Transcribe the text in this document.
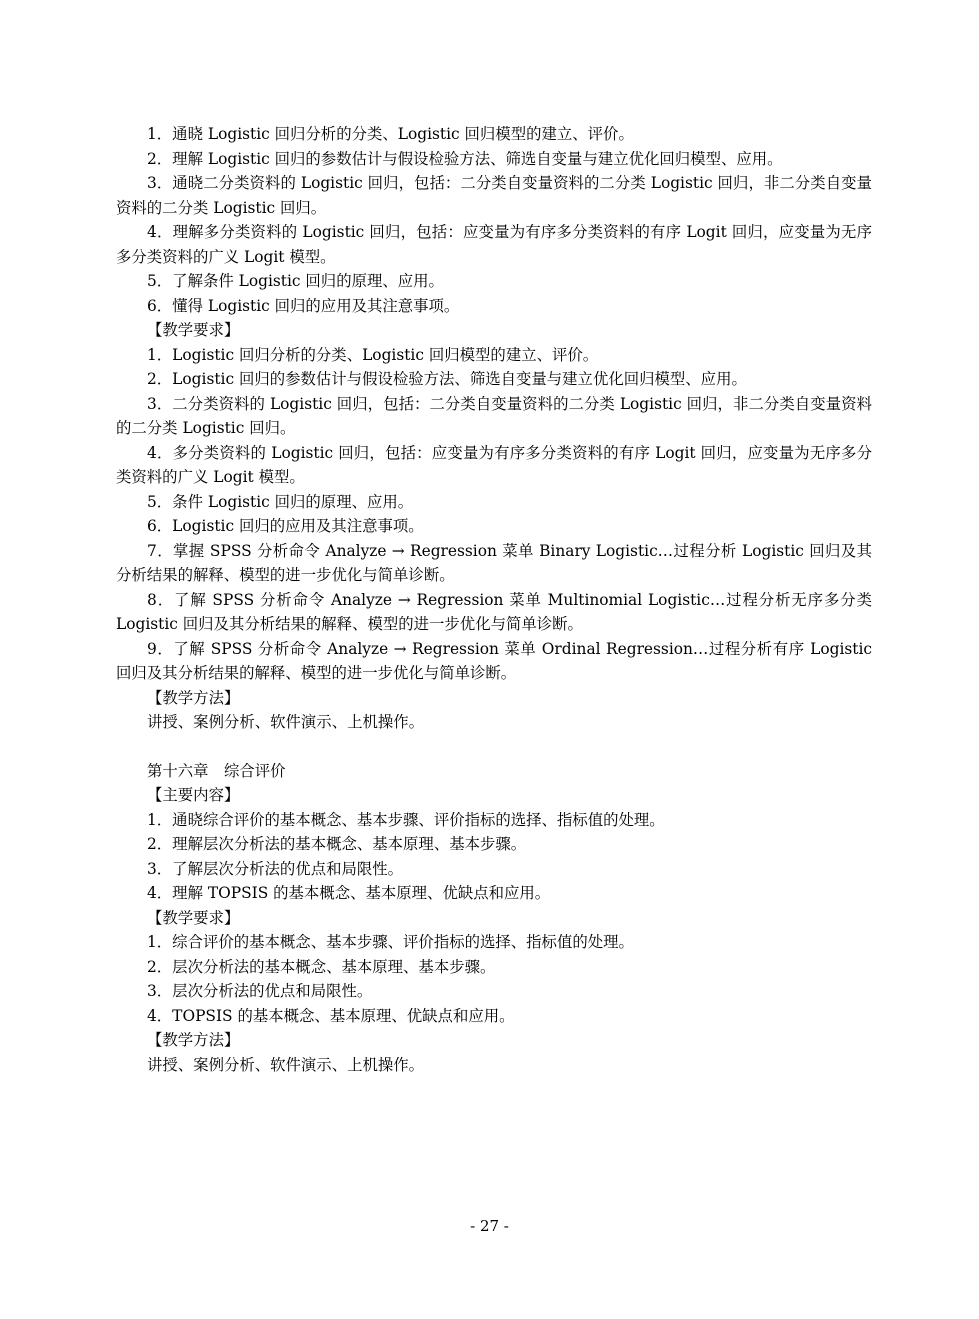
1．通晓 Logistic 回归分析的分类、Logistic 回归模型的建立、评价。

2．理解 Logistic 回归的参数估计与假设检验方法、筛选自变量与建立优化回归模型、应用。

3．通晓二分类资料的 Logistic 回归，包括：二分类自变量资料的二分类 Logistic 回归，非二分类自变量资料的二分类 Logistic 回归。

4．理解多分类资料的 Logistic 回归，包括：应变量为有序多分类资料的有序 Logit 回归，应变量为无序多分类资料的广义 Logit 模型。

5．了解条件 Logistic 回归的原理、应用。

6．懂得 Logistic 回归的应用及其注意事项。

【教学要求】

1．Logistic 回归分析的分类、Logistic 回归模型的建立、评价。

2．Logistic 回归的参数估计与假设检验方法、筛选自变量与建立优化回归模型、应用。

3．二分类资料的 Logistic 回归，包括：二分类自变量资料的二分类 Logistic 回归，非二分类自变量资料的二分类 Logistic 回归。

4．多分类资料的 Logistic 回归，包括：应变量为有序多分类资料的有序 Logit 回归，应变量为无序多分类资料的广义 Logit 模型。

5．条件 Logistic 回归的原理、应用。

6．Logistic 回归的应用及其注意事项。

7．掌握 SPSS 分析命令 Analyze → Regression 菜单 Binary Logistic…过程分析 Logistic 回归及其分析结果的解释、模型的进一步优化与简单诊断。

8．了解 SPSS 分析命令 Analyze → Regression 菜单 Multinomial Logistic…过程分析无序多分类 Logistic 回归及其分析结果的解释、模型的进一步优化与简单诊断。

9．了解 SPSS 分析命令 Analyze → Regression 菜单 Ordinal Regression…过程分析有序 Logistic 回归及其分析结果的解释、模型的进一步优化与简单诊断。

【教学方法】

讲授、案例分析、软件演示、上机操作。

第十六章　综合评价

【主要内容】

1．通晓综合评价的基本概念、基本步骤、评价指标的选择、指标值的处理。

2．理解层次分析法的基本概念、基本原理、基本步骤。

3．了解层次分析法的优点和局限性。

4．理解 TOPSIS 的基本概念、基本原理、优缺点和应用。

【教学要求】

1．综合评价的基本概念、基本步骤、评价指标的选择、指标值的处理。

2．层次分析法的基本概念、基本原理、基本步骤。

3．层次分析法的优点和局限性。

4．TOPSIS 的基本概念、基本原理、优缺点和应用。

【教学方法】

讲授、案例分析、软件演示、上机操作。

- 27 -
